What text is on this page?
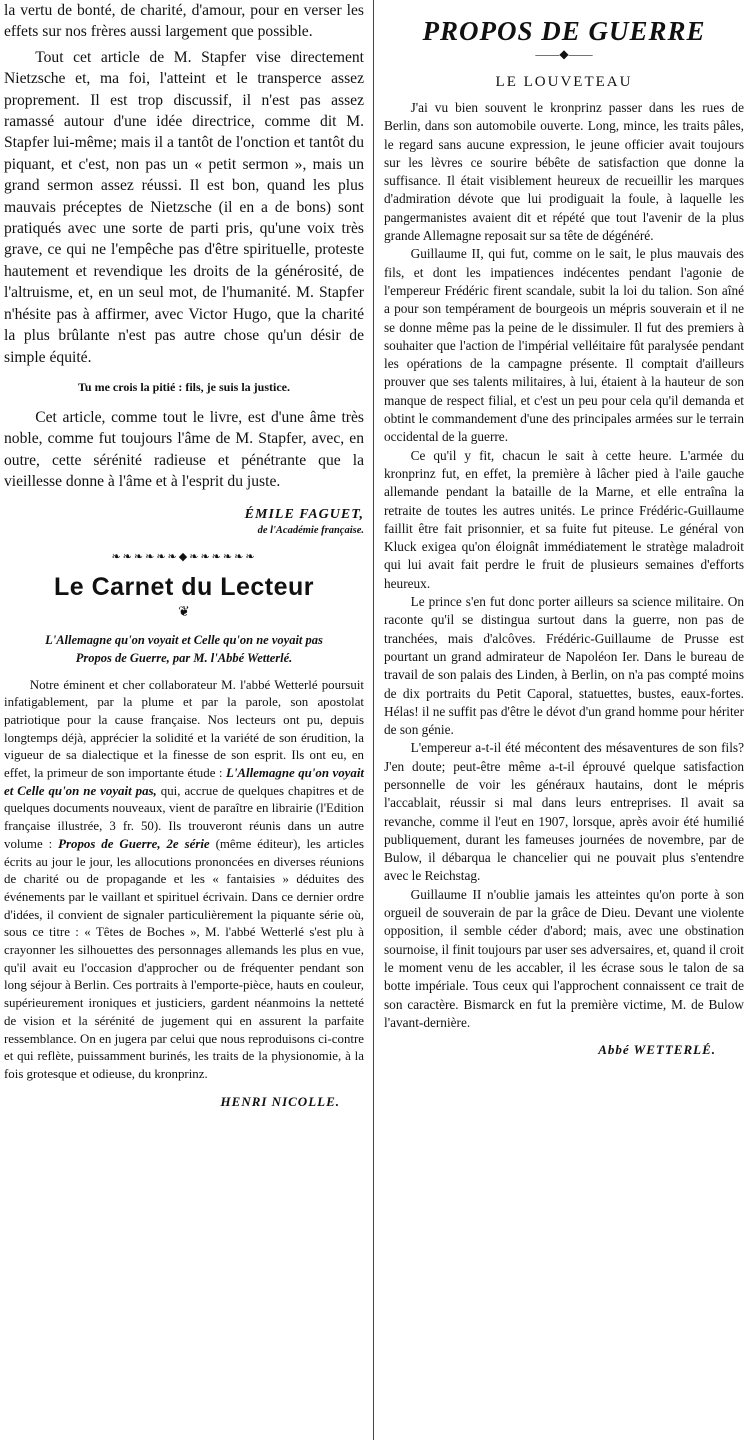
la vertu de bonté, de charité, d'amour, pour en verser les effets sur nos frères aussi largement que possible.

Tout cet article de M. Stapfer vise directement Nietzsche et, ma foi, l'atteint et le transperce assez proprement. Il est trop discussif, il n'est pas assez ramassé autour d'une idée directrice, comme dit M. Stapfer lui-même; mais il a tantôt de l'onction et tantôt du piquant, et c'est, non pas un « petit sermon », mais un grand sermon assez réussi. Il est bon, quand les plus mauvais préceptes de Nietzsche (il en a de bons) sont pratiqués avec une sorte de parti pris, qu'une voix très grave, ce qui ne l'empêche pas d'être spirituelle, proteste hautement et revendique les droits de la générosité, de l'altruisme, et, en un seul mot, de l'humanité. M. Stapfer n'hésite pas à affirmer, avec Victor Hugo, que la charité la plus brûlante n'est pas autre chose qu'un désir de simple équité.

Tu me crois la pitié : fils, je suis la justice.

Cet article, comme tout le livre, est d'une âme très noble, comme fut toujours l'âme de M. Stapfer, avec, en outre, cette sérénité radieuse et pénétrante que la vieillesse donne à l'âme et à l'esprit du juste.

ÉMILE FAGUET,
de l'Académie française.
❧❧❧❧❧❧◆❧❧❧❧❧❧
Le Carnet du Lecteur
❦
L'Allemagne qu'on voyait et Celle qu'on ne voyait pas
Propos de Guerre, par M. l'Abbé Wetterlé.

Notre éminent et cher collaborateur M. l'abbé Wetterlé poursuit infatigablement, par la plume et par la parole, son apostolat patriotique pour la cause française. Nos lecteurs ont pu, depuis longtemps déjà, apprécier la solidité et la variété de son érudition, la vigueur de sa dialectique et la finesse de son esprit. Ils ont eu, en effet, la primeur de son importante étude : L'Allemagne qu'on voyait et Celle qu'on ne voyait pas, qui, accrue de quelques chapitres et de quelques documents nouveaux, vient de paraître en librairie (l'Edition française illustrée, 3 fr. 50). Ils trouveront réunis dans un autre volume : Propos de Guerre, 2e série (même éditeur), les articles écrits au jour le jour, les allocutions prononcées en diverses réunions de charité ou de propagande et les « fantaisies » déduites des événements par le vaillant et spirituel écrivain. Dans ce dernier ordre d'idées, il convient de signaler particulièrement la piquante série où, sous ce titre : « Têtes de Boches », M. l'abbé Wetterlé s'est plu à crayonner les silhouettes des personnages allemands les plus en vue, qu'il avait eu l'occasion d'approcher ou de fréquenter pendant son long séjour à Berlin. Ces portraits à l'emporte-pièce, hauts en couleur, supérieurement ironiques et justiciers, gardent néanmoins la netteté de vision et la sérénité de jugement qui en assurent la parfaite ressemblance. On en jugera par celui que nous reproduisons ci-contre et qui reflète, puissamment burinés, les traits de la physionomie, à la fois grotesque et odieuse, du kronprinz.

HENRI NICOLLE.
PROPOS DE GUERRE
——◆——
LE LOUVETEAU

J'ai vu bien souvent le kronprinz passer dans les rues de Berlin, dans son automobile ouverte. Long, mince, les traits pâles, le regard sans aucune expression, le jeune officier avait toujours sur les lèvres ce sourire bébête de satisfaction que donne la suffisance. Il était visiblement heureux de recueillir les marques d'admiration dévote que lui prodiguait la foule, à laquelle les pangermanistes avaient dit et répété que tout l'avenir de la plus grande Allemagne reposait sur sa tête de dégénéré.

Guillaume II, qui fut, comme on le sait, le plus mauvais des fils, et dont les impatiences indécentes pendant l'agonie de l'empereur Frédéric firent scandale, subit la loi du talion. Son aîné a pour son tempérament de bourgeois un mépris souverain et il ne se donne même pas la peine de le dissimuler. Il fut des premiers à souhaiter que l'action de l'impérial velléitaire fût paralysée pendant les opérations de la campagne présente. Il comptait d'ailleurs prouver que ses talents militaires, à lui, étaient à la hauteur de son manque de respect filial, et c'est un peu pour cela qu'il demanda et obtint le commandement d'une des principales armées sur le terrain occidental de la guerre.

Ce qu'il y fit, chacun le sait à cette heure. L'armée du kronprinz fut, en effet, la première à lâcher pied à l'aile gauche allemande pendant la bataille de la Marne, et elle entraîna la retraite de toutes les autres unités. Le prince Frédéric-Guillaume faillit être fait prisonnier, et sa fuite fut piteuse. Le général von Kluck exigea qu'on éloignât immédiatement le stratège maladroit qui lui avait fait perdre le fruit de plusieurs semaines d'efforts heureux.

Le prince s'en fut donc porter ailleurs sa science militaire. On raconte qu'il se distingua surtout dans la guerre, non pas de tranchées, mais d'alcôves. Frédéric-Guillaume de Prusse est pourtant un grand admirateur de Napoléon Ier. Dans le bureau de travail de son palais des Linden, à Berlin, on n'a pas compté moins de dix portraits du Petit Caporal, statuettes, bustes, eaux-fortes. Hélas! il ne suffit pas d'être le dévot d'un grand homme pour hériter de son génie.

L'empereur a-t-il été mécontent des mésaventures de son fils? J'en doute; peut-être même a-t-il éprouvé quelque satisfaction personnelle de voir les généraux hautains, dont le mépris l'accablait, réussir si mal dans leurs entreprises. Il avait sa revanche, comme il l'eut en 1907, lorsque, après avoir été humilié publiquement, durant les fameuses journées de novembre, par de Bulow, il débarqua le chancelier qui ne pouvait plus s'entendre avec le Reichstag.

Guillaume II n'oublie jamais les atteintes qu'on porte à son orgueil de souverain de par la grâce de Dieu. Devant une violente opposition, il semble céder d'abord; mais, avec une obstination sournoise, il finit toujours par user ses adversaires, et, quand il croit le moment venu de les accabler, il les écrase sous le talon de sa botte impériale. Tous ceux qui l'approchent connaissent ce trait de son caractère. Bismarck en fut la première victime, M. de Bulow l'avant-dernière.

Abbé WETTERLÉ.
